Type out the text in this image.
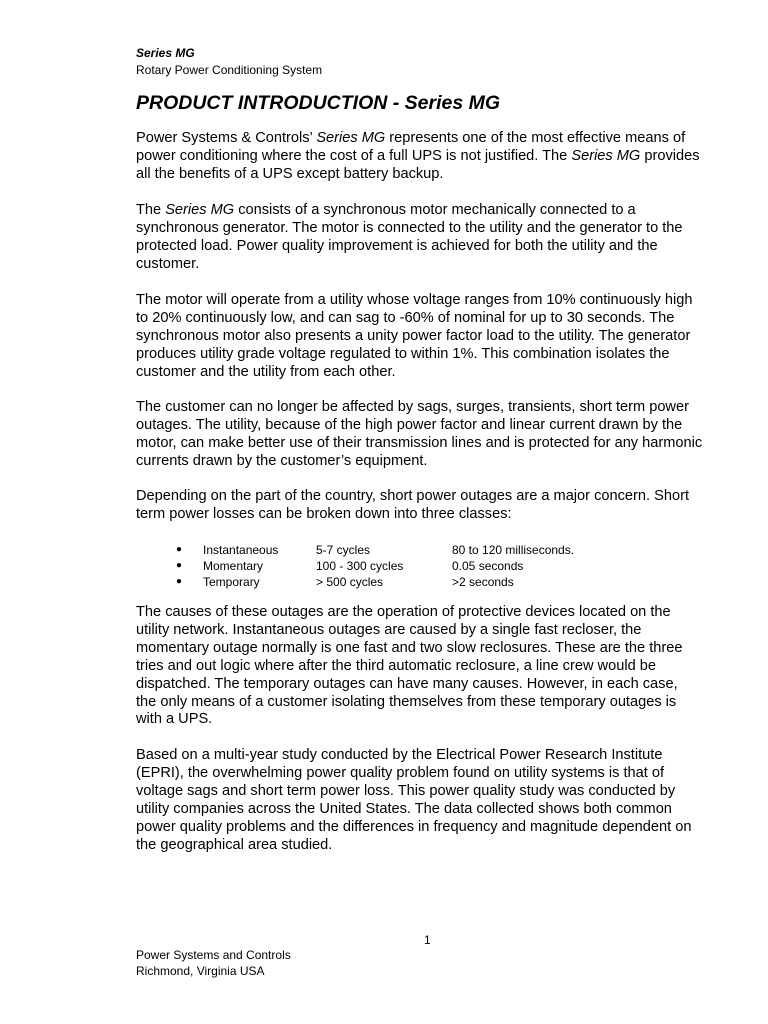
Series MG
Rotary Power Conditioning System
PRODUCT INTRODUCTION - Series MG
Power Systems & Controls’ Series MG represents one of the most effective means of
power conditioning where the cost of a full UPS is not justified. The Series MG provides
all the benefits of a UPS except battery backup.
The Series MG consists of a synchronous motor mechanically connected to a
synchronous generator. The motor is connected to the utility and the generator to the
protected load. Power quality improvement is achieved for both the utility and the
customer.
The motor will operate from a utility whose voltage ranges from 10% continuously high
to 20% continuously low, and can sag to -60% of nominal for up to 30 seconds. The
synchronous motor also presents a unity power factor load to the utility. The generator
produces utility grade voltage regulated to within 1%. This combination isolates the
customer and the utility from each other.
The customer can no longer be affected by sags, surges, transients, short term power
outages. The utility, because of the high power factor and linear current drawn by the
motor, can make better use of their transmission lines and is protected for any harmonic
currents drawn by the customer’s equipment.
Depending on the part of the country, short power outages are a major concern. Short
term power losses can be broken down into three classes:
● Instantaneous	5-7 cycles	80 to 120 milliseconds.
● Momentary	100 - 300 cycles	0.05 seconds
● Temporary	> 500 cycles	>2 seconds
The causes of these outages are the operation of protective devices located on the
utility network. Instantaneous outages are caused by a single fast recloser, the
momentary outage normally is one fast and two slow reclosures. These are the three
tries and out logic where after the third automatic reclosure, a line crew would be
dispatched. The temporary outages can have many causes. However, in each case,
the only means of a customer isolating themselves from these temporary outages is
with a UPS.
Based on a multi-year study conducted by the Electrical Power Research Institute
(EPRI), the overwhelming power quality problem found on utility systems is that of
voltage sags and short term power loss. This power quality study was conducted by
utility companies across the United States. The data collected shows both common
power quality problems and the differences in frequency and magnitude dependent on
the geographical area studied.
1
Power Systems and Controls
Richmond, Virginia USA
